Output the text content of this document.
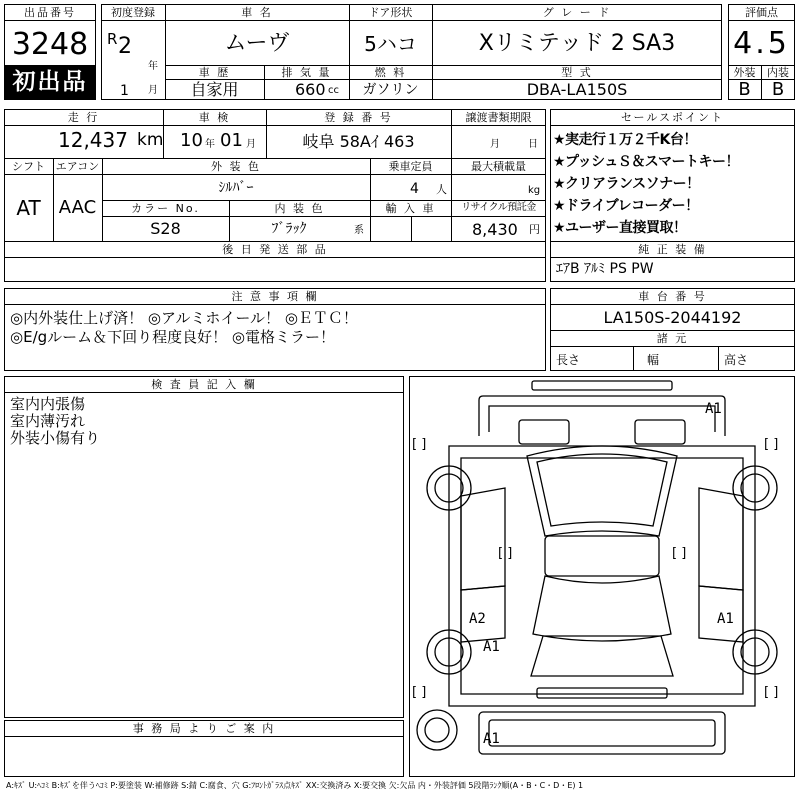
出品番号
3248
初出品
初度登録
R 2
年
1 月
車 名
ムーヴ
ドア形状
5ハコ
グ レ ー ド
Xリミテッド 2 SA3
車 歴
自家用
排 気 量
660 cc
燃 料
ガソリン
型 式
DBA-LA150S
評価点
4.5
外装	内装
B	B
走 行
12,437 km
車 検
10 年 01 月
登 録 番 号
岐阜 58Aｲ 463
譲渡書類期限
月	日
シフト
AT
エアコン
AAC
外 装 色
ｼﾙﾊﾞｰ
乗車定員
4 人
最大積載量
kg
カラー No.
S28
内 装 色
ﾌﾞﾗｯｸ	系
輸 入 車	リサイクル預託金
8,430 円
後 日 発 送 部 品
セールスポイント
★実走行１万２千K台！
★プッシュＳ＆スマートキー！
★クリアランスソナー！
★ドライブレコーダー！
★ユーザー直接買取！
純 正 装 備
ｴｱB ｱﾙﾐ PS PW
注 意 事 項 欄
◎内外装仕上げ済！ ◎アルミホイール！ ◎ＥＴＣ！
◎E/gルーム＆下回り程度良好！ ◎電格ミラー！
車 台 番 号
LA150S-2044192
諸 元
長さ	幅	高さ
検 査 員 記 入 欄
室内内張傷
室内薄汚れ
外装小傷有り
事 務 局 よ り ご 案 内
[ ]	[ ]
[ ]	[ ]
[ ]	[ ]
A1
A2	A1
A1
A1
A:ｷｽﾞ U:ﾍｺﾐ B:ｷｽﾞを伴うﾍｺﾐ P:要塗装 W:補修跡 S:錆 C:腐食、穴 G:ﾌﾛﾝﾄｶﾞﾗｽ点ｷｽﾞ XX:交換済み X:要交換 欠:欠品 内・外装評価 5段階ﾗﾝｸ順(A・B・C・D・E) 1
